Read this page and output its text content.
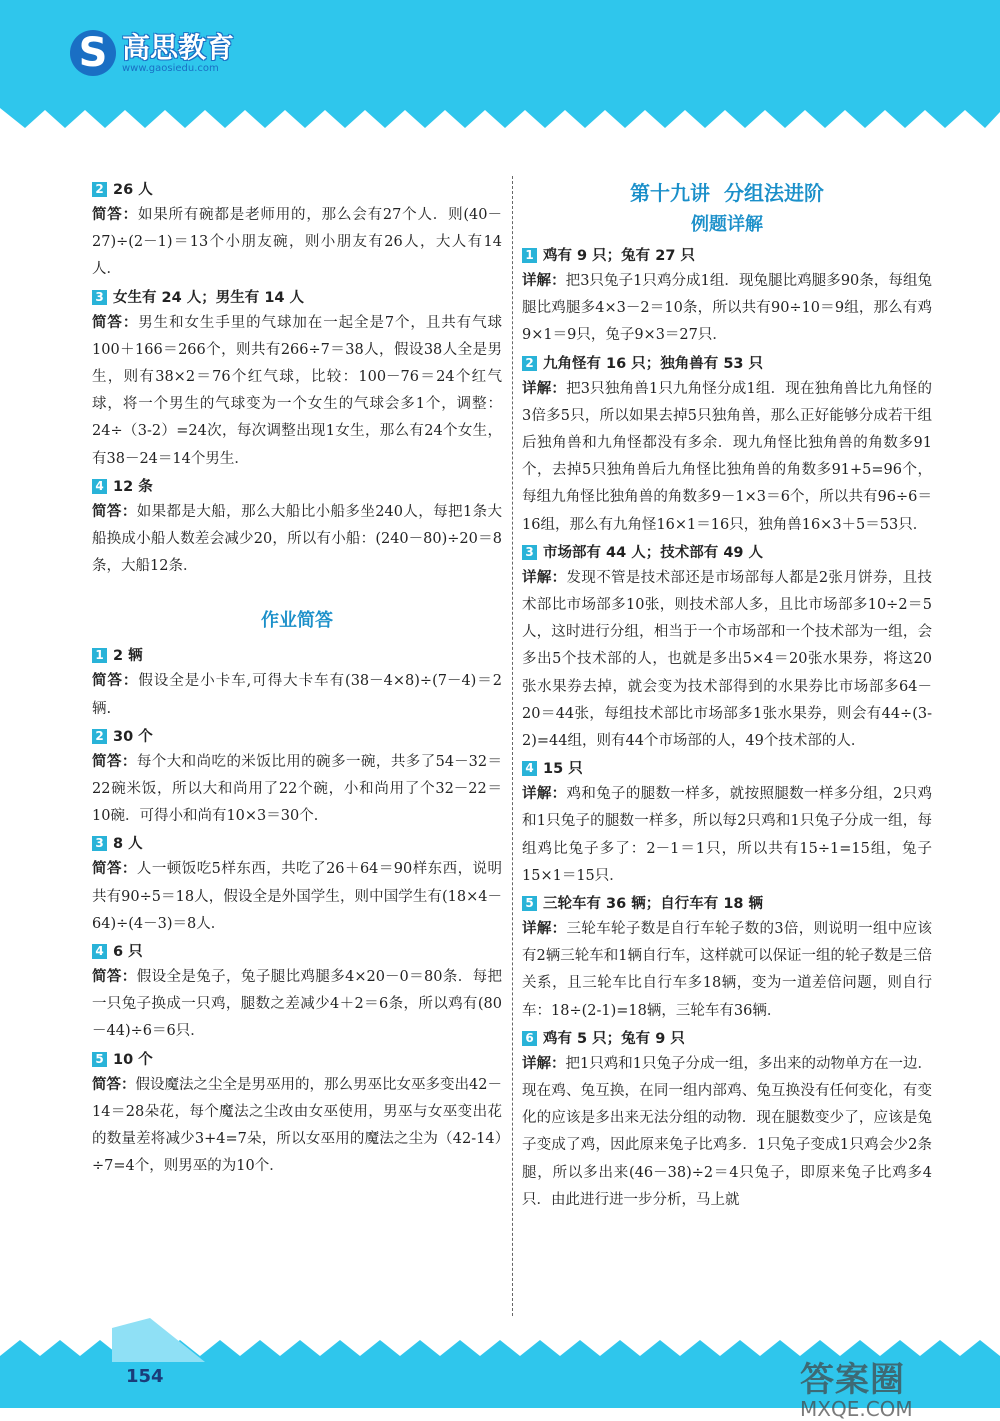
S 高思教育
www.gaosiedu.com
2 26 人
简答：如果所有碗都是老师用的，那么会有27个人．则(40－27)÷(2－1)＝13个小朋友碗，则小朋友有26人，大人有14人．
3 女生有 24 人；男生有 14 人
简答：男生和女生手里的气球加在一起全是7个，且共有气球100＋166＝266个，则共有266÷7＝38人，假设38人全是男生，则有38×2＝76个红气球，比较：100－76＝24个红气球，将一个男生的气球变为一个女生的气球会多1个，调整：24÷（3-2）=24次，每次调整出现1女生，那么有24个女生，有38－24＝14个男生．
4 12 条
简答：如果都是大船，那么大船比小船多坐240人，每把1条大船换成小船人数差会减少20，所以有小船：(240－80)÷20＝8条，大船12条．
作业简答
1 2 辆
简答：假设全是小卡车,可得大卡车有(38－4×8)÷(7－4)＝2辆.
2 30 个
简答：每个大和尚吃的米饭比用的碗多一碗，共多了54－32＝22碗米饭，所以大和尚用了22个碗，小和尚用了个32－22＝10碗．可得小和尚有10×3＝30个．
3 8 人
简答：人一顿饭吃5样东西，共吃了26＋64＝90样东西，说明共有90÷5＝18人，假设全是外国学生，则中国学生有(18×4－64)÷(4－3)＝8人．
4 6 只
简答：假设全是兔子，兔子腿比鸡腿多4×20－0＝80条．每把一只兔子换成一只鸡，腿数之差减少4＋2＝6条，所以鸡有(80－44)÷6＝6只．
5 10 个
简答：假设魔法之尘全是男巫用的，那么男巫比女巫多变出42－14＝28朵花，每个魔法之尘改由女巫使用，男巫与女巫变出花的数量差将减少3+4=7朵，所以女巫用的魔法之尘为（42-14）÷7=4个，则男巫的为10个．
第十九讲  分组法进阶
例题详解
1 鸡有 9 只；兔有 27 只
详解：把3只兔子1只鸡分成1组．现兔腿比鸡腿多90条，每组兔腿比鸡腿多4×3－2＝10条，所以共有90÷10＝9组，那么有鸡9×1＝9只，兔子9×3＝27只．
2 九角怪有 16 只；独角兽有 53 只
详解：把3只独角兽1只九角怪分成1组．现在独角兽比九角怪的3倍多5只，所以如果去掉5只独角兽，那么正好能够分成若干组后独角兽和九角怪都没有多余．现九角怪比独角兽的角数多91个，去掉5只独角兽后九角怪比独角兽的角数多91+5=96个，每组九角怪比独角兽的角数多9－1×3＝6个，所以共有96÷6＝16组，那么有九角怪16×1＝16只，独角兽16×3＋5＝53只．
3 市场部有 44 人；技术部有 49 人
详解：发现不管是技术部还是市场部每人都是2张月饼券，且技术部比市场部多10张，则技术部人多，且比市场部多10÷2＝5人，这时进行分组，相当于一个市场部和一个技术部为一组，会多出5个技术部的人，也就是多出5×4＝20张水果券，将这20张水果券去掉，就会变为技术部得到的水果券比市场部多64－20＝44张，每组技术部比市场部多1张水果券，则会有44÷(3-2)=44组，则有44个市场部的人，49个技术部的人．
4 15 只
详解：鸡和兔子的腿数一样多，就按照腿数一样多分组，2只鸡和1只兔子的腿数一样多，所以每2只鸡和1只兔子分成一组，每组鸡比兔子多了：2－1＝1只，所以共有15÷1=15组，兔子15×1＝15只．
5 三轮车有 36 辆；自行车有 18 辆
详解：三轮车轮子数是自行车轮子数的3倍，则说明一组中应该有2辆三轮车和1辆自行车，这样就可以保证一组的轮子数是三倍关系，且三轮车比自行车多18辆，变为一道差倍问题，则自行车：18÷(2-1)=18辆，三轮车有36辆．
6 鸡有 5 只；兔有 9 只
详解：把1只鸡和1只兔子分成一组，多出来的动物单方在一边．现在鸡、兔互换，在同一组内部鸡、兔互换没有任何变化，有变化的应该是多出来无法分组的动物．现在腿数变少了，应该是兔子变成了鸡，因此原来兔子比鸡多．1只兔子变成1只鸡会少2条腿，所以多出来(46－38)÷2＝4只兔子，即原来兔子比鸡多4只．由此进行进一步分析，马上就
154	答案圈
MXQE.COM
